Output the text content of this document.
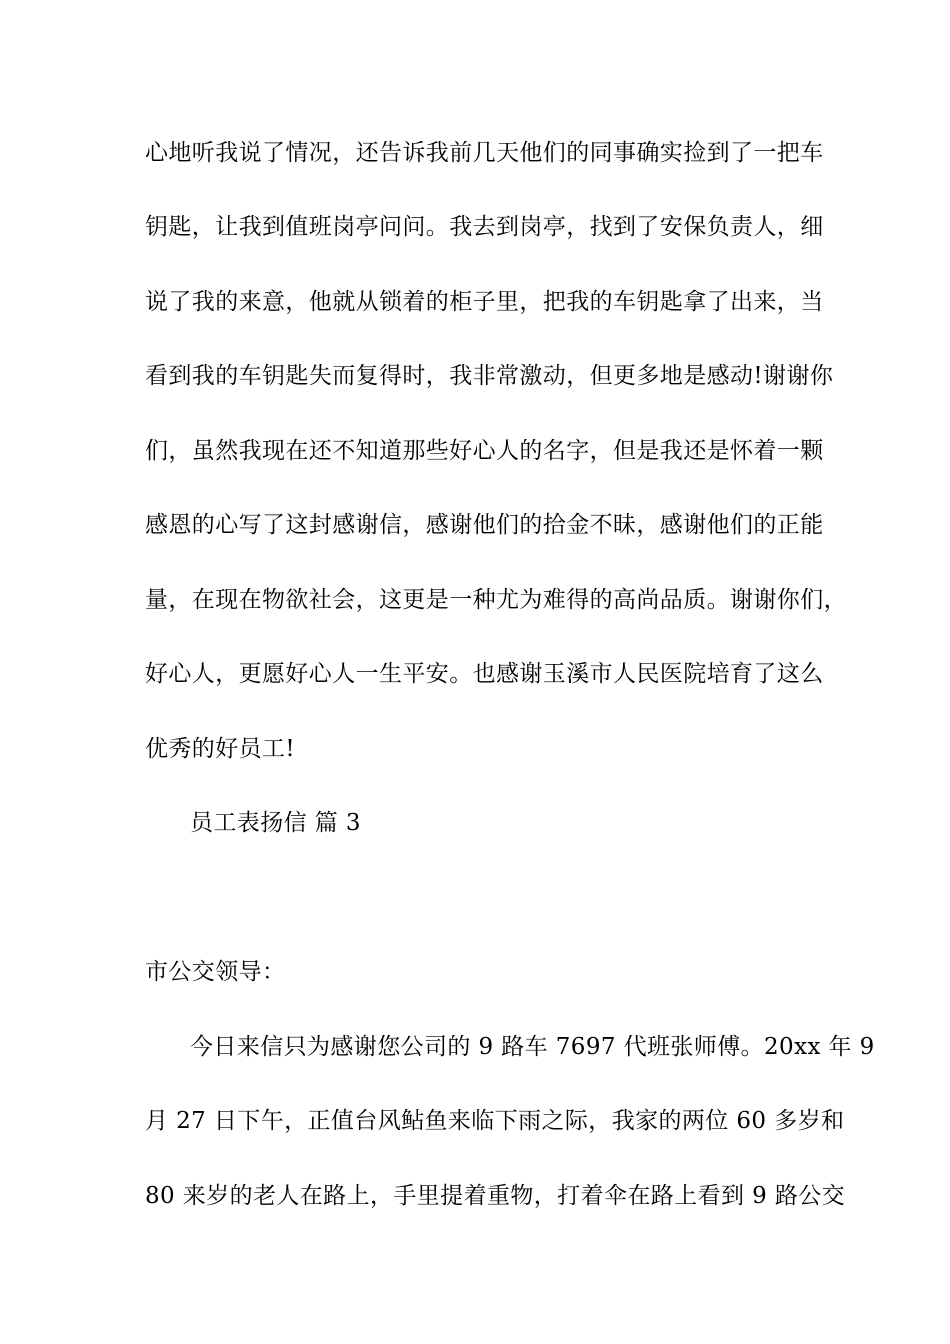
心地听我说了情况，还告诉我前几天他们的同事确实捡到了一把车
钥匙，让我到值班岗亭问问。我去到岗亭，找到了安保负责人，细
说了我的来意，他就从锁着的柜子里，把我的车钥匙拿了出来，当
看到我的车钥匙失而复得时，我非常激动，但更多地是感动!谢谢你
们，虽然我现在还不知道那些好心人的名字，但是我还是怀着一颗
感恩的心写了这封感谢信，感谢他们的拾金不昧，感谢他们的正能
量，在现在物欲社会，这更是一种尤为难得的高尚品质。谢谢你们，
好心人，更愿好心人一生平安。也感谢玉溪市人民医院培育了这么
优秀的好员工!
员工表扬信 篇 3
市公交领导：
今日来信只为感谢您公司的 9 路车 7697 代班张师傅。20xx 年 9
月 27 日下午，正值台风鲇鱼来临下雨之际，我家的两位 60 多岁和
80 来岁的老人在路上，手里提着重物，打着伞在路上看到 9 路公交
